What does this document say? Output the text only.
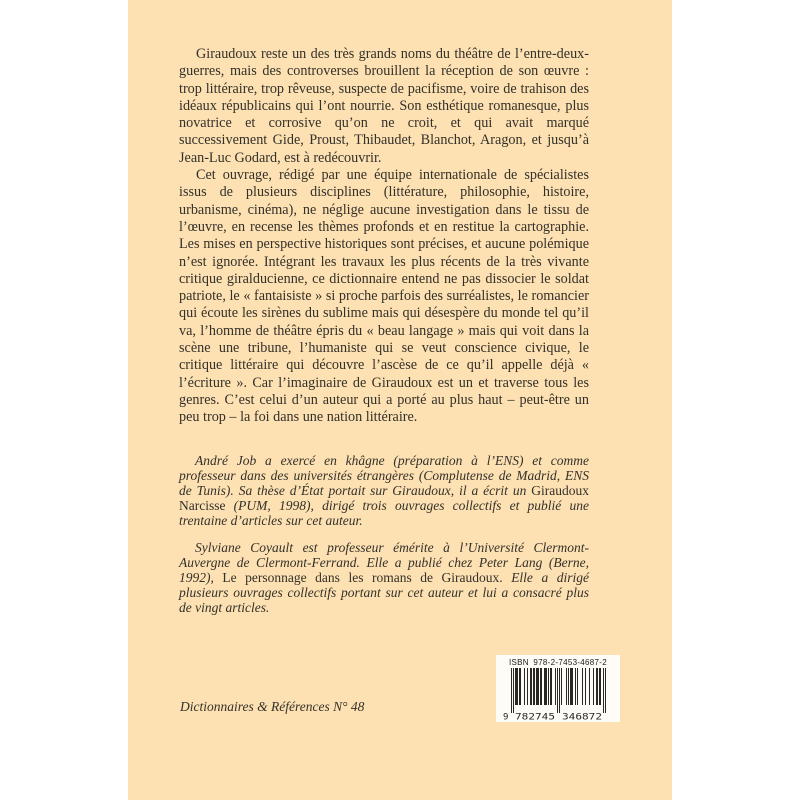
Giraudoux reste un des très grands noms du théâtre de l’entre-deux-guerres, mais des controverses brouillent la réception de son œuvre : trop littéraire, trop rêveuse, suspecte de pacifisme, voire de trahison des idéaux républicains qui l’ont nourrie. Son esthétique romanesque, plus novatrice et corrosive qu’on ne croit, et qui avait marqué successivement Gide, Proust, Thibaudet, Blanchot, Aragon, et jusqu’à Jean-Luc Godard, est à redécouvrir.

Cet ouvrage, rédigé par une équipe internationale de spécialistes issus de plusieurs disciplines (littérature, philosophie, histoire, urbanisme, cinéma), ne néglige aucune investigation dans le tissu de l’œuvre, en recense les thèmes profonds et en restitue la cartographie. Les mises en perspective historiques sont précises, et aucune polémique n’est ignorée. Intégrant les travaux les plus récents de la très vivante critique giralducienne, ce dictionnaire entend ne pas dissocier le soldat patriote, le « fantaisiste » si proche parfois des surréalistes, le romancier qui écoute les sirènes du sublime mais qui désespère du monde tel qu’il va, l’homme de théâtre épris du « beau langage » mais qui voit dans la scène une tribune, l’humaniste qui se veut conscience civique, le critique littéraire qui découvre l’ascèse de ce qu’il appelle déjà « l’écriture ». Car l’imaginaire de Giraudoux est un et traverse tous les genres. C’est celui d’un auteur qui a porté au plus haut – peut-être un peu trop – la foi dans une nation littéraire.

André Job a exercé en khâgne (préparation à l’ENS) et comme professeur dans des universités étrangères (Complutense de Madrid, ENS de Tunis). Sa thèse d’État portait sur Giraudoux, il a écrit un Giraudoux Narcisse (PUM, 1998), dirigé trois ouvrages collectifs et publié une trentaine d’articles sur cet auteur.

Sylviane Coyault est professeur émérite à l’Université Clermont-Auvergne de Clermont-Ferrand. Elle a publié chez Peter Lang (Berne, 1992), Le personnage dans les romans de Giraudoux. Elle a dirigé plusieurs ouvrages collectifs portant sur cet auteur et lui a consacré plus de vingt articles.

Dictionnaires & Références N° 48
ISBN 978-2-7453-4687-2
9 782745 346872
